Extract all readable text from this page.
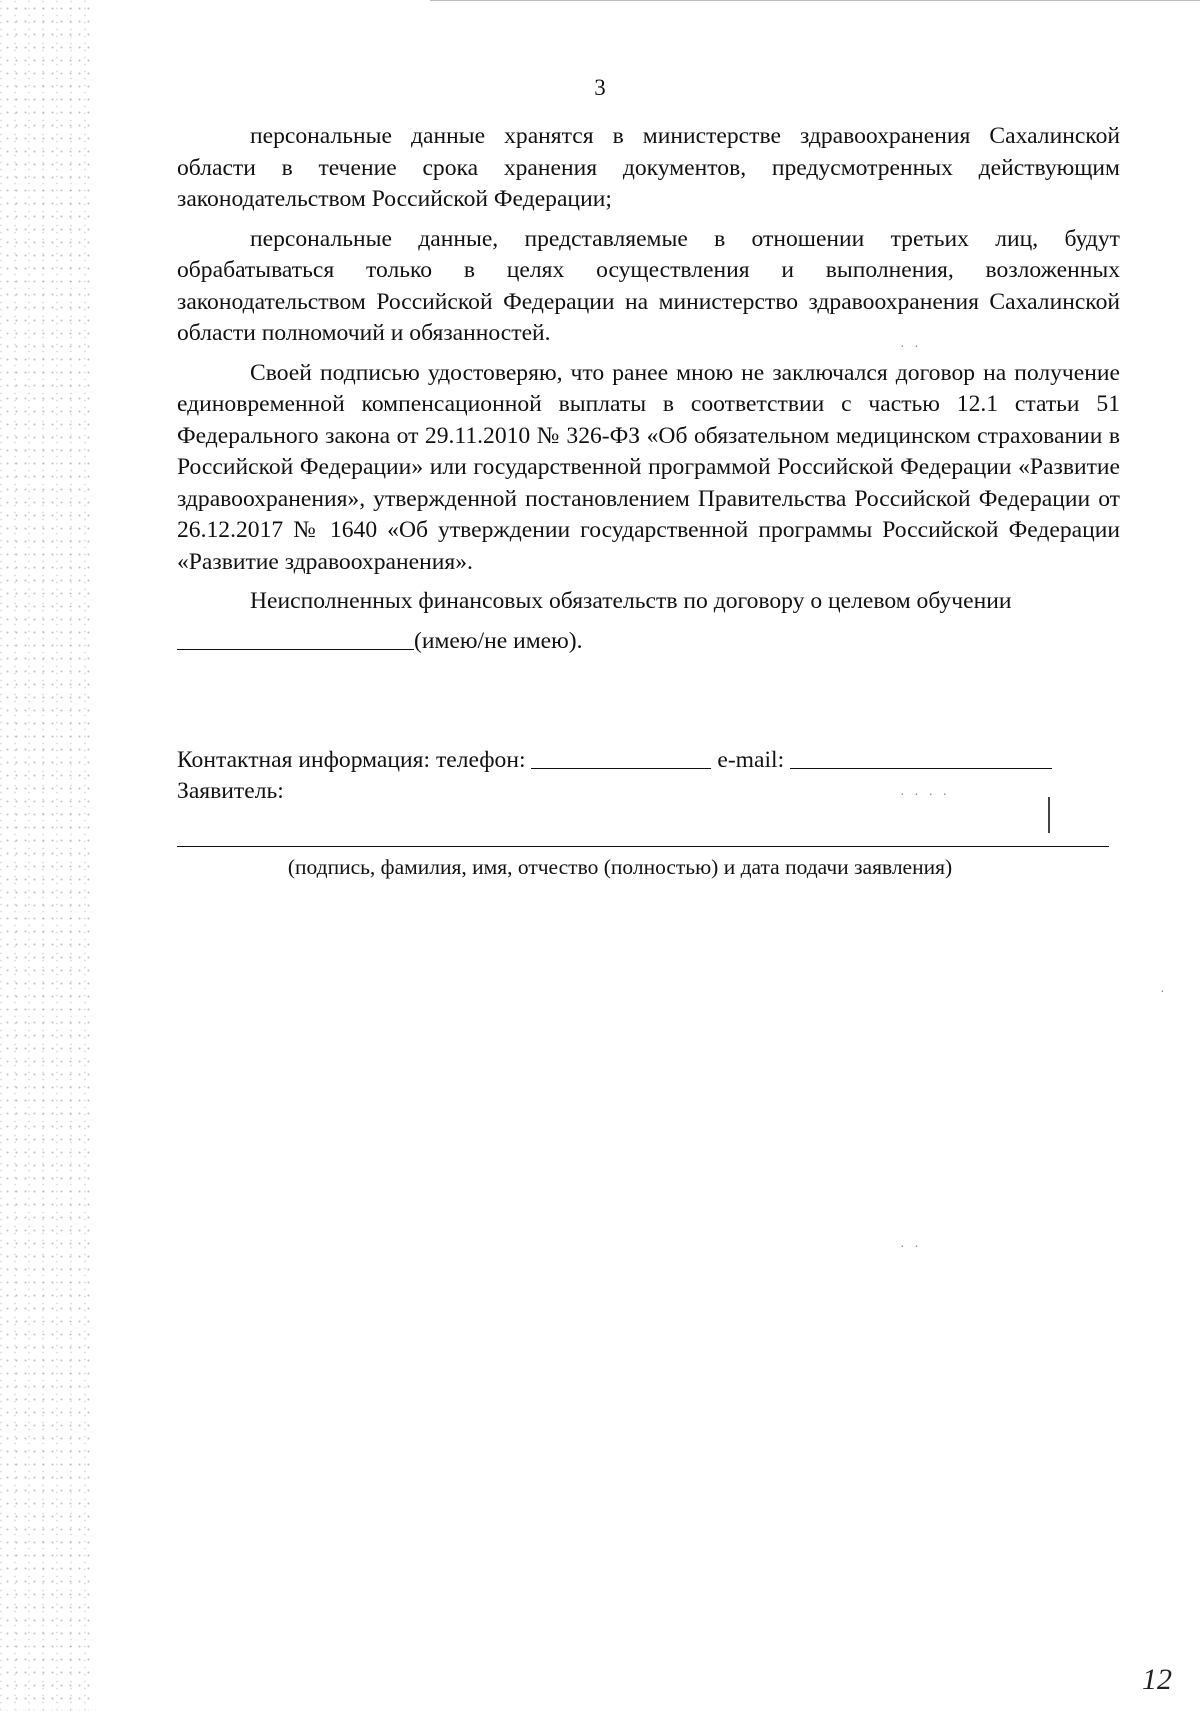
3

персональные данные хранятся в министерстве здравоохранения Сахалинской области в течение срока хранения документов, предусмотренных действующим законодательством Российской Федерации;

персональные данные, представляемые в отношении третьих лиц, будут обрабатываться только в целях осуществления и выполнения, возложенных законодательством Российской Федерации на министерство здравоохранения Сахалинской области полномочий и обязанностей.

Своей подписью удостоверяю, что ранее мною не заключался договор на получение единовременной компенсационной выплаты в соответствии с частью 12.1 статьи 51 Федерального закона от 29.11.2010 № 326-ФЗ «Об обязательном медицинском страховании в Российской Федерации» или государственной программой Российской Федерации «Развитие здравоохранения», утвержденной постановлением Правительства Российской Федерации от 26.12.2017 № 1640 «Об утверждении государственной программы Российской Федерации «Развитие здравоохранения».

Неисполненных финансовых обязательств по договору о целевом обучении

(имею/не имею).

Контактная информация: телефон:	e-mail:
Заявитель:
(подпись, фамилия, имя, отчество (полностью) и дата подачи заявления)
· ·
· · · ·
·
· ·
12
